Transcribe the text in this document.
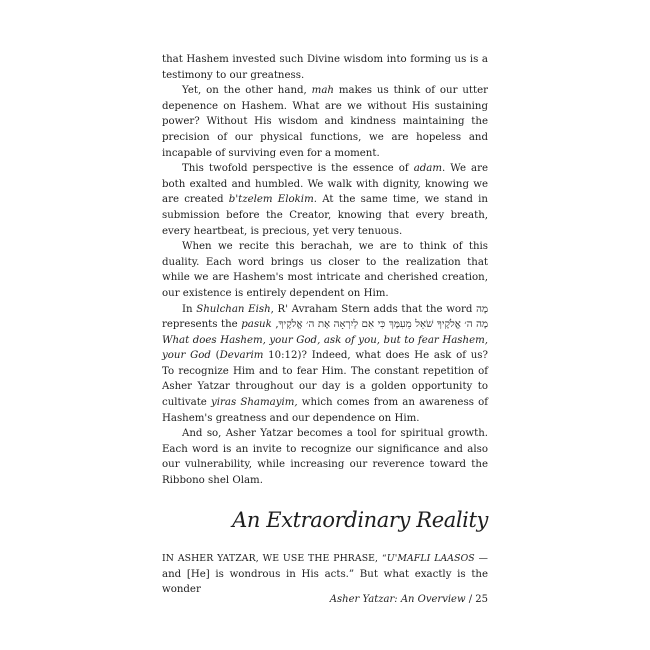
that Hashem invested such Divine wisdom into forming us is a testimony to our greatness.

Yet, on the other hand, mah makes us think of our utter depenence on Hashem. What are we without His sustaining power? Without His wisdom and kindness maintaining the precision of our physical functions, we are hopeless and incapable of surviving even for a moment.

This twofold perspective is the essence of adam. We are both exalted and humbled. We walk with dignity, knowing we are created b'tzelem Elokim. At the same time, we stand in submission before the Creator, knowing that every breath, every heartbeat, is precious, yet very tenuous.

When we recite this berachah, we are to think of this duality. Each word brings us closer to the realization that while we are Hashem's most intricate and cherished creation, our existence is entirely dependent on Him.

In Shulchan Eish, R' Avraham Stern adds that the word מָה represents the pasuk מָה ה׳ אֱלֹקֶיךָ שֹׁאֵל מֵעִמָּךְ כִּי אִם לְיִרְאָה אֶת ה׳ אֱלֹקֶיךָ, What does Hashem, your God, ask of you, but to fear Hashem, your God (Devarim 10:12)? Indeed, what does He ask of us? To recognize Him and to fear Him. The constant repetition of Asher Yatzar throughout our day is a golden opportunity to cultivate yiras Shamayim, which comes from an awareness of Hashem's greatness and our dependence on Him.

And so, Asher Yatzar becomes a tool for spiritual growth. Each word is an invite to recognize our significance and also our vulnerability, while increasing our reverence toward the Ribbono shel Olam.

An Extraordinary Reality
IN ASHER YATZAR, WE USE THE PHRASE, “U'MAFLI LAASOS — and [He] is wondrous in His acts.” But what exactly is the wonder
Asher Yatzar: An Overview / 25
